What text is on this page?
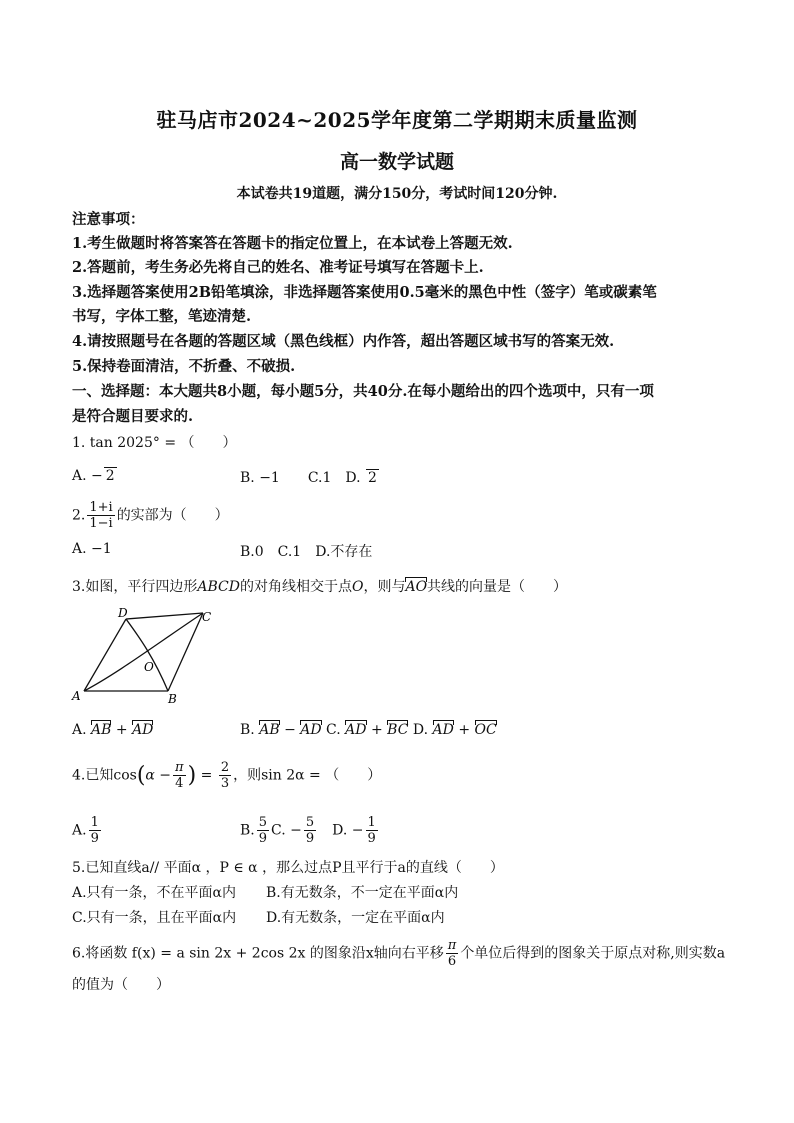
驻马店市2024~2025学年度第二学期期末质量监测
高一数学试题
本试卷共19道题，满分150分，考试时间120分钟.
注意事项：
1.考生做题时将答案答在答题卡的指定位置上，在本试卷上答题无效.
2.答题前，考生务必先将自己的姓名、准考证号填写在答题卡上.
3.选择题答案使用2B铅笔填涂，非选择题答案使用0.5毫米的黑色中性（签字）笔或碳素笔
书写，字体工整，笔迹清楚.
4.请按照题号在各题的答题区域（黑色线框）内作答，超出答题区域书写的答案无效.
5.保持卷面清洁，不折叠、不破损.
一、选择题：本大题共8小题，每小题5分，共40分.在每小题给出的四个选项中，只有一项
是符合题目要求的.
1. tan 2025° = （　　）
A. − 2	B. −1　　C.1　D. 2
2. $\frac{1+i}{1-i}$ 的实部为（　　）
A. −1	B.0　C.1　D.不存在
3.如图，平行四边形ABCD的对角线相交于点O，则与AO共线的向量是（　　）
A	B
C
D
O
A. AB + AD	B. AB − AD C. AD + BC D. AD + OC
4.已知$\cos(\alpha - \frac{\pi}{4}$ ) = $\frac{2}{3}$ ，则sin 2α = （　　）
A. $\frac{1}{9}$	B. $\frac{5}{9} C$. − $\frac{5}{9}$
　 D. − $\frac{1}{9}$
5.已知直线a// 平面α ，P ∈ α ，那么过点P且平行于a的直线（　　）
A.只有一条，不在平面α内 B.有无数条，不一定在平面α内
C.只有一条，且在平面α内 D.有无数条，一定在平面α内
6.将函数 f(x) = a sin 2x + 2cos 2x 的图象沿x轴向右平移 $\frac{\pi}{6}$ 个单位后得到的图象关于原点对称,则实数a
的值为（　　）
